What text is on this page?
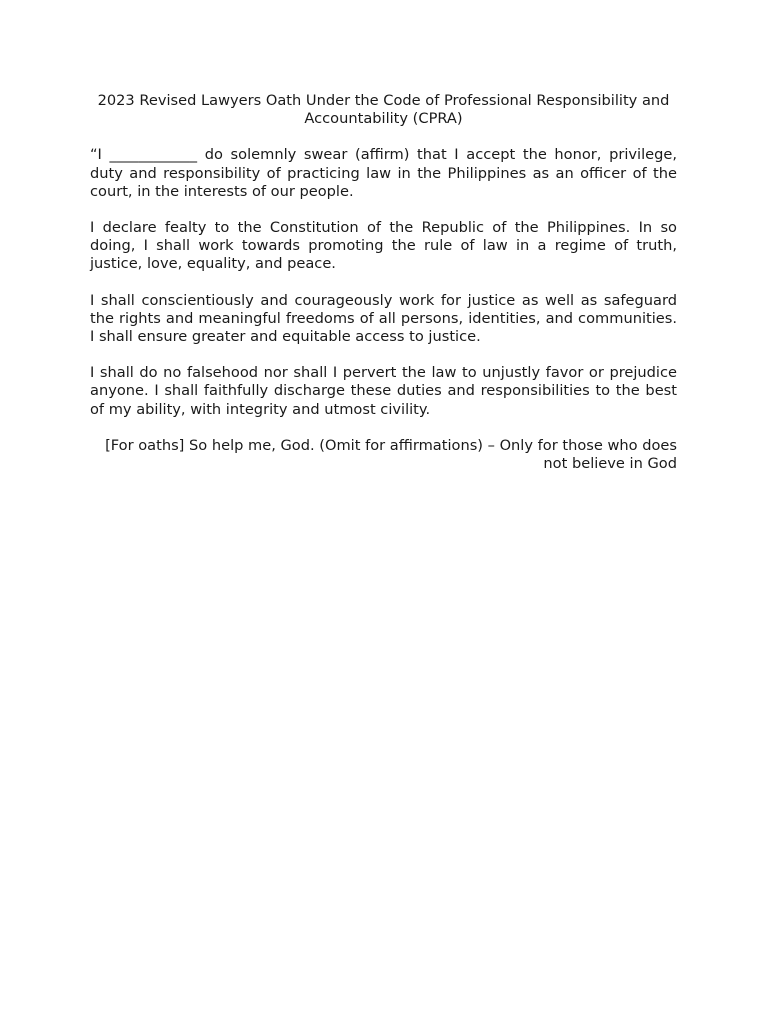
2023 Revised Lawyers Oath Under the Code of Professional Responsibility and Accountability (CPRA)

“I ____________ do solemnly swear (affirm) that I accept the honor, privilege, duty and responsibility of practicing law in the Philippines as an officer of the court, in the interests of our people.

I declare fealty to the Constitution of the Republic of the Philippines. In so doing, I shall work towards promoting the rule of law in a regime of truth, justice, love, equality, and peace.

I shall conscientiously and courageously work for justice as well as safeguard the rights and meaningful freedoms of all persons, identities, and communities. I shall ensure greater and equitable access to justice.

I shall do no falsehood nor shall I pervert the law to unjustly favor or prejudice anyone. I shall faithfully discharge these duties and responsibilities to the best of my ability, with integrity and utmost civility.

[For oaths] So help me, God. (Omit for affirmations) – Only for those who does not believe in God
